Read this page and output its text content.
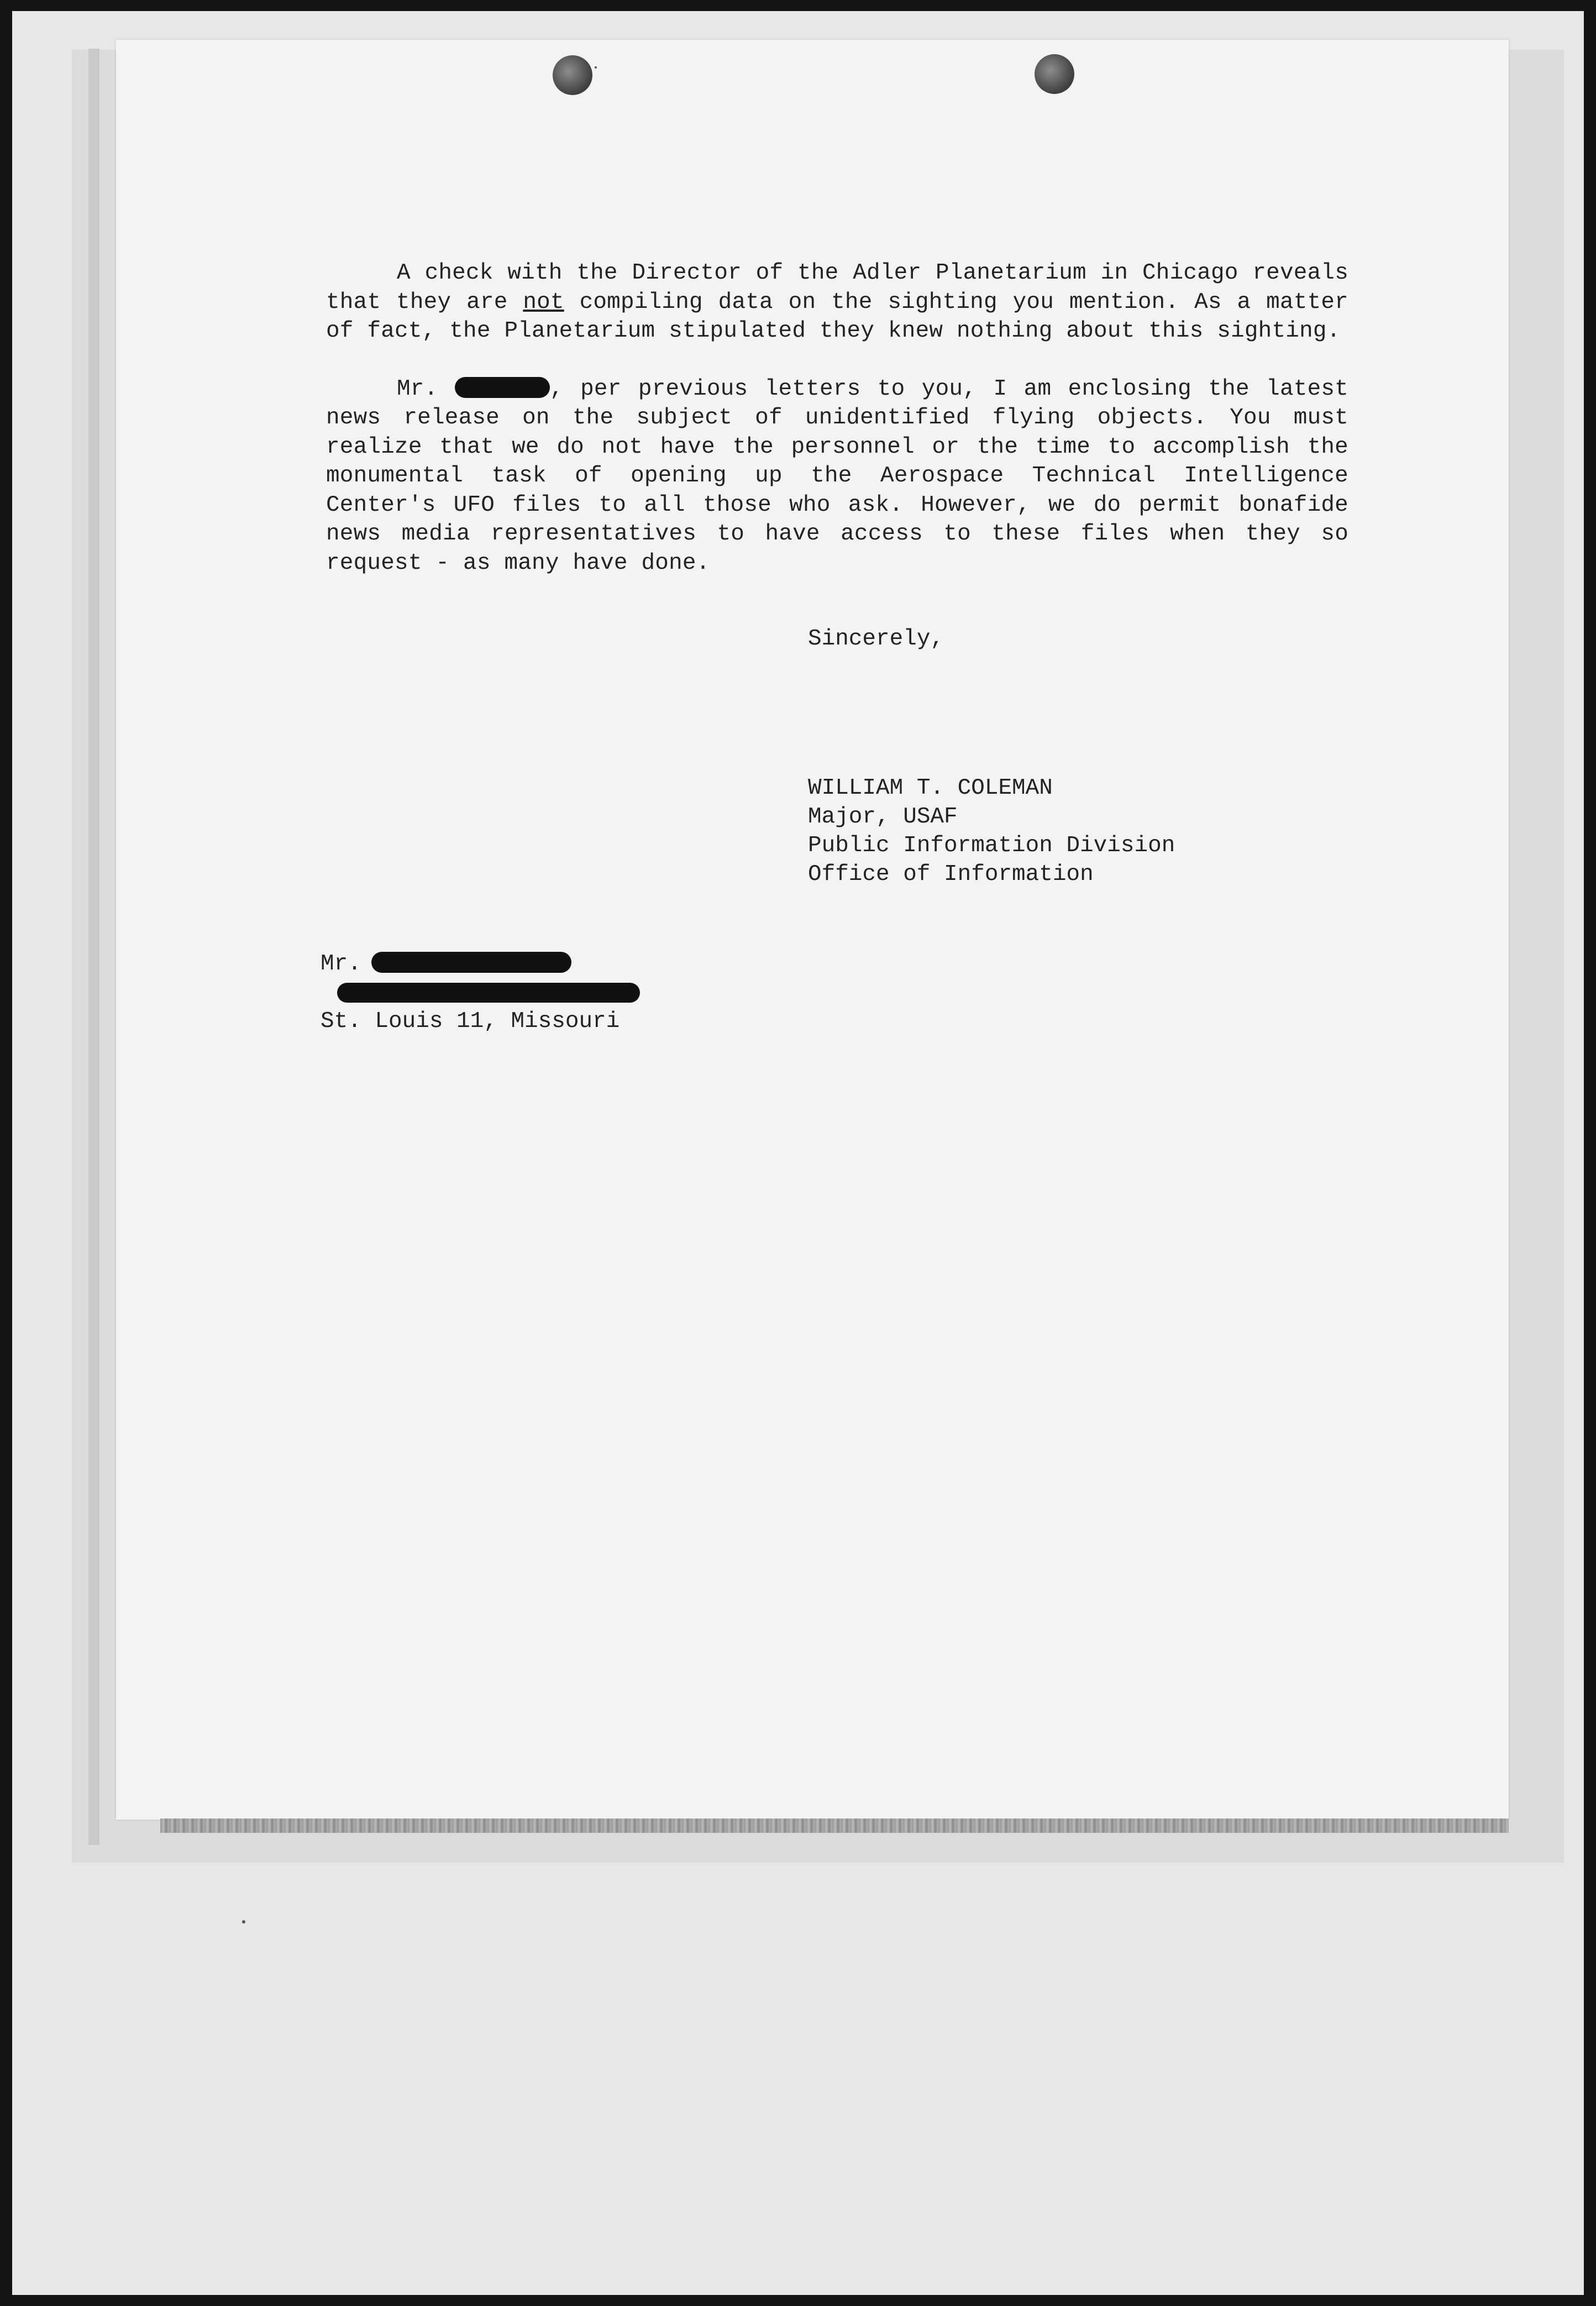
A check with the Director of the Adler Planetarium in Chicago reveals that they are not compiling data on the sighting you mention. As a matter of fact, the Planetarium stipulated they knew nothing about this sighting.

Mr.	, per previous letters to you, I am enclosing the latest news release on the subject of unidentified flying objects. You must realize that we do not have the personnel or the time to accomplish the monumental task of opening up the Aerospace Technical Intelligence Center's UFO files to all those who ask. However, we do permit bonafide news media representatives to have access to these files when they so request - as many have done.

Sincerely,
WILLIAM T. COLEMAN
Major, USAF
Public Information Division
Office of Information
Mr.
St. Louis 11, Missouri
